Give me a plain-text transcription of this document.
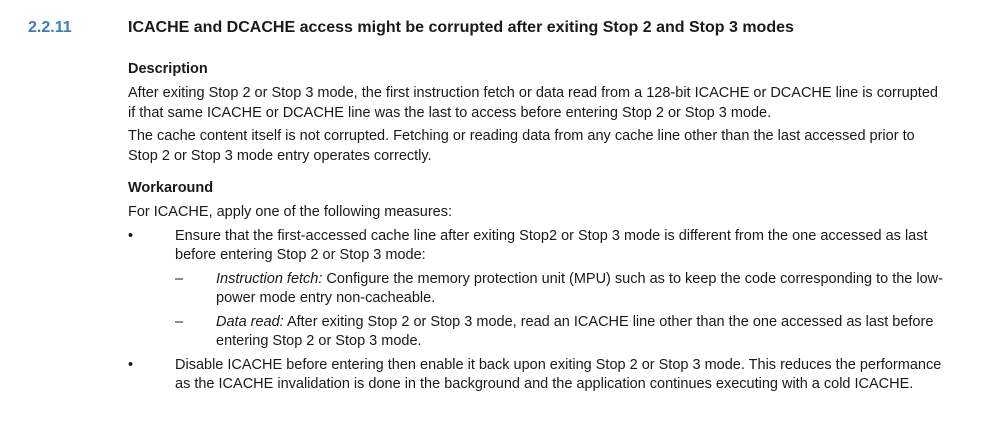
2.2.11	ICACHE and DCACHE access might be corrupted after exiting Stop 2 and Stop 3 modes

Description

After exiting Stop 2 or Stop 3 mode, the first instruction fetch or data read from a 128-bit ICACHE or DCACHE line is corrupted if that same ICACHE or DCACHE line was the last to access before entering Stop 2 or Stop 3 mode.

The cache content itself is not corrupted. Fetching or reading data from any cache line other than the last accessed prior to Stop 2 or Stop 3 mode entry operates correctly.

Workaround

For ICACHE, apply one of the following measures:

•	Ensure that the first-accessed cache line after exiting Stop2 or Stop 3 mode is different from the one accessed as last before entering Stop 2 or Stop 3 mode:
– Instruction fetch: Configure the memory protection unit (MPU) such as to keep the code corresponding to the low-power mode entry non-cacheable.
– Data read: After exiting Stop 2 or Stop 3 mode, read an ICACHE line other than the one accessed as last before entering Stop 2 or Stop 3 mode.
•	Disable ICACHE before entering then enable it back upon exiting Stop 2 or Stop 3 mode. This reduces the performance as the ICACHE invalidation is done in the background and the application continues executing with a cold ICACHE.
